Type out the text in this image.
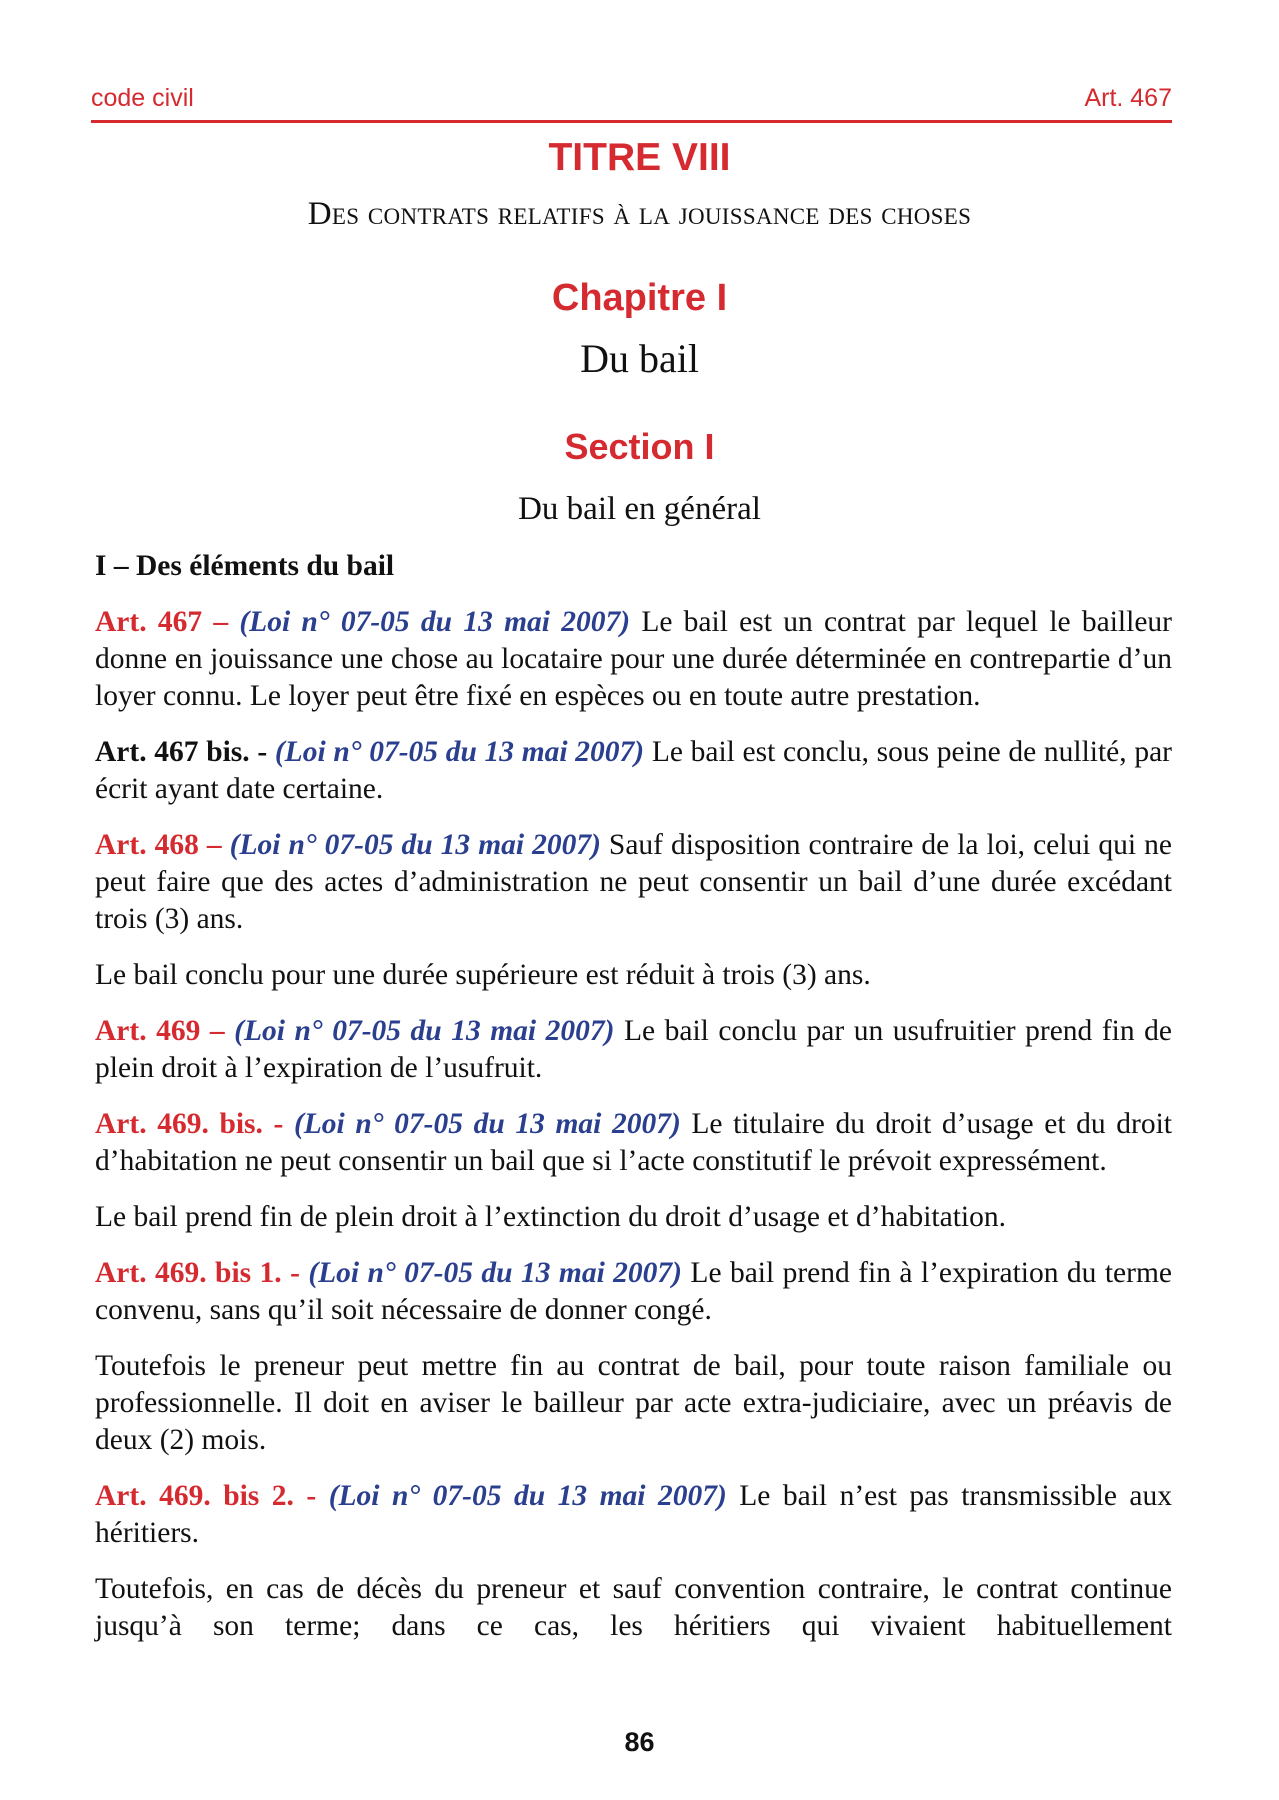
code civil	Art. 467
TITRE VIII
Des contrats relatifs à la jouissance des choses
Chapitre I
Du bail
Section I
Du bail en général

I – Des éléments du bail

Art. 467 – (Loi n° 07-05 du 13 mai 2007) Le bail est un contrat par lequel le bailleur donne en jouissance une chose au locataire pour une durée déterminée en contrepartie d’un loyer connu. Le loyer peut être fixé en espèces ou en toute autre prestation.

Art. 467 bis. - (Loi n° 07-05 du 13 mai 2007) Le bail est conclu, sous peine de nullité, par écrit ayant date certaine.

Art. 468 – (Loi n° 07-05 du 13 mai 2007) Sauf disposition contraire de la loi, celui qui ne peut faire que des actes d’administration ne peut consentir un bail d’une durée excédant trois (3) ans.

Le bail conclu pour une durée supérieure est réduit à trois (3) ans.

Art. 469 – (Loi n° 07-05 du 13 mai 2007) Le bail conclu par un usufruitier prend fin de plein droit à l’expiration de l’usufruit.

Art. 469. bis. - (Loi n° 07-05 du 13 mai 2007) Le titulaire du droit d’usage et du droit d’habitation ne peut consentir un bail que si l’acte constitutif le prévoit expressément.

Le bail prend fin de plein droit à l’extinction du droit d’usage et d’habitation.

Art. 469. bis 1. - (Loi n° 07-05 du 13 mai 2007) Le bail prend fin à l’expiration du terme convenu, sans qu’il soit nécessaire de donner congé.

Toutefois le preneur peut mettre fin au contrat de bail, pour toute raison familiale ou professionnelle. Il doit en aviser le bailleur par acte extra-judiciaire, avec un préavis de deux (2) mois.

Art. 469. bis 2. - (Loi n° 07-05 du 13 mai 2007) Le bail n’est pas transmissible aux héritiers.

Toutefois, en cas de décès du preneur et sauf convention contraire, le contrat continue jusqu’à son terme; dans ce cas, les héritiers qui vivaient habituellement

86
